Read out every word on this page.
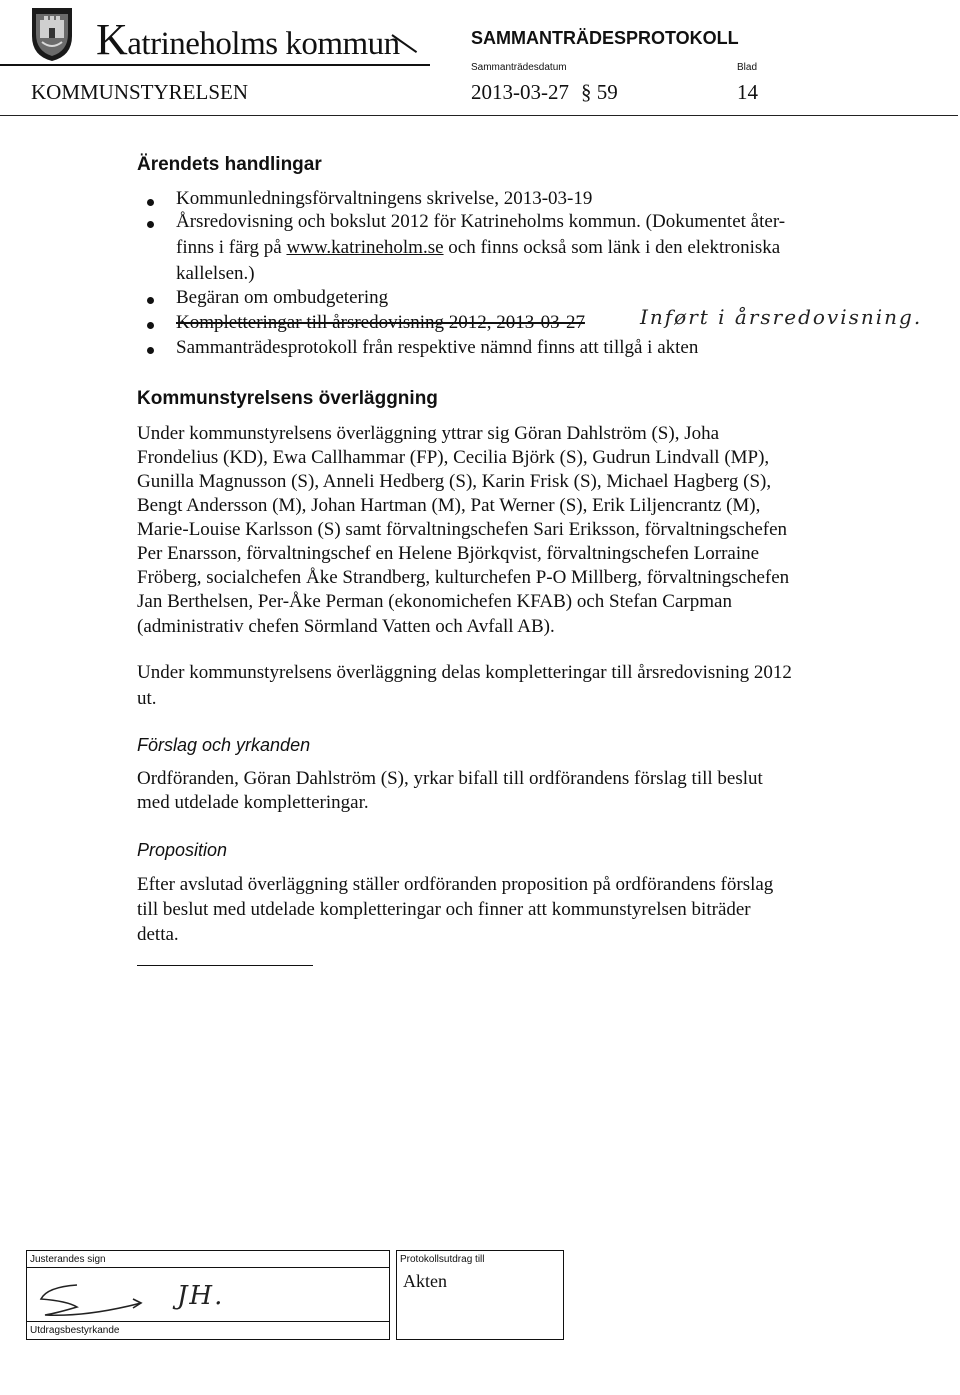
Katrineholms kommun	SAMMANTRÄDESPROTOKOLL
Sammanträdesdatum	Blad
KOMMUNSTYRELSEN	2013-03-27 § 59	14
Ärendets handlingar
Kommunledningsförvaltningens skrivelse, 2013-03-19
Årsredovisning och bokslut 2012 för Katrineholms kommun. (Dokumentet åter-
finns i färg på www.katrineholm.se och finns också som länk i den elektroniska
kallelsen.)
Begäran om ombudgetering
Kompletteringar till årsredovisning 2012, 2013-03-27	Inført i årsredovisning.
Sammanträdesprotokoll från respektive nämnd finns att tillgå i akten
Kommunstyrelsens överläggning
Under kommunstyrelsens överläggning yttrar sig Göran Dahlström (S), Joha
Frondelius (KD), Ewa Callhammar (FP), Cecilia Björk (S), Gudrun Lindvall (MP),
Gunilla Magnusson (S), Anneli Hedberg (S), Karin Frisk (S), Michael Hagberg (S),
Bengt Andersson (M), Johan Hartman (M), Pat Werner (S), Erik Liljencrantz (M),
Marie-Louise Karlsson (S) samt förvaltningschefen Sari Eriksson, förvaltningschefen
Per Enarsson, förvaltningschef en Helene Björkqvist, förvaltningschefen Lorraine
Fröberg, socialchefen Åke Strandberg, kulturchefen P-O Millberg, förvaltningschefen
Jan Berthelsen, Per-Åke Perman (ekonomichefen KFAB) och Stefan Carpman
(administrativ chefen Sörmland Vatten och Avfall AB).
Under kommunstyrelsens överläggning delas kompletteringar till årsredovisning 2012
ut.
Förslag och yrkanden
Ordföranden, Göran Dahlström (S), yrkar bifall till ordförandens förslag till beslut
med utdelade kompletteringar.
Proposition
Efter avslutad överläggning ställer ordföranden proposition på ordförandens förslag
till beslut med utdelade kompletteringar och finner att kommunstyrelsen biträder
detta.
Justerandes sign
JH.
Utdragsbestyrkande
Protokollsutdrag till
Akten
